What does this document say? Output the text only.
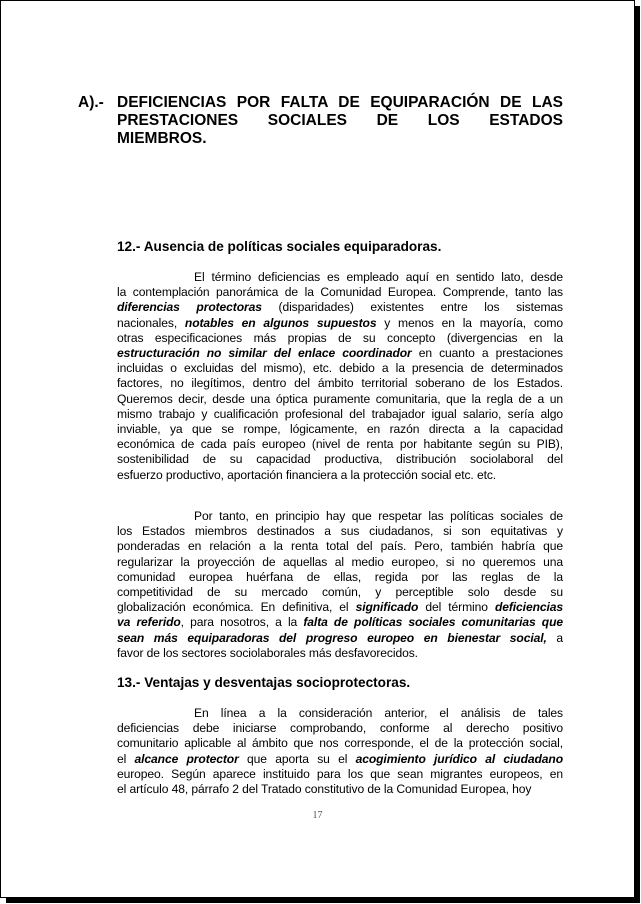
A).- DEFICIENCIAS POR FALTA DE EQUIPARACIÓN DE LAS
PRESTACIONES SOCIALES DE LOS ESTADOS
MIEMBROS.
12.- Ausencia de políticas sociales equiparadoras.
El término deficiencias es empleado aquí en sentido lato, desde
la contemplación panorámica de la Comunidad Europea. Comprende, tanto las
diferencias protectoras (disparidades) existentes entre los sistemas
nacionales, notables en algunos supuestos y menos en la mayoría, como
otras especificaciones más propias de su concepto (divergencias en la
estructuración no similar del enlace coordinador en cuanto a prestaciones
incluidas o excluidas del mismo), etc. debido a la presencia de determinados
factores, no ilegítimos, dentro del ámbito territorial soberano de los Estados.
Queremos decir, desde una óptica puramente comunitaria, que la regla de a un
mismo trabajo y cualificación profesional del trabajador igual salario, sería algo
inviable, ya que se rompe, lógicamente, en razón directa a la capacidad
económica de cada país europeo (nivel de renta por habitante según su PIB),
sostenibilidad de su capacidad productiva, distribución sociolaboral del
esfuerzo productivo, aportación financiera a la protección social etc. etc.
Por tanto, en principio hay que respetar las políticas sociales de
los Estados miembros destinados a sus ciudadanos, si son equitativas y
ponderadas en relación a la renta total del país. Pero, también habría que
regularizar la proyección de aquellas al medio europeo, si no queremos una
comunidad europea huérfana de ellas, regida por las reglas de la
competitividad de su mercado común, y perceptible solo desde su
globalización económica. En definitiva, el significado del término deficiencias
va referido, para nosotros, a la falta de políticas sociales comunitarias que
sean más equiparadoras del progreso europeo en bienestar social, a
favor de los sectores sociolaborales más desfavorecidos.
13.- Ventajas y desventajas socioprotectoras.
En línea a la consideración anterior, el análisis de tales
deficiencias debe iniciarse comprobando, conforme al derecho positivo
comunitario aplicable al ámbito que nos corresponde, el de la protección social,
el alcance protector que aporta su el acogimiento jurídico al ciudadano
europeo. Según aparece instituido para los que sean migrantes europeos, en
el artículo 48, párrafo 2 del Tratado constitutivo de la Comunidad Europea, hoy
17
